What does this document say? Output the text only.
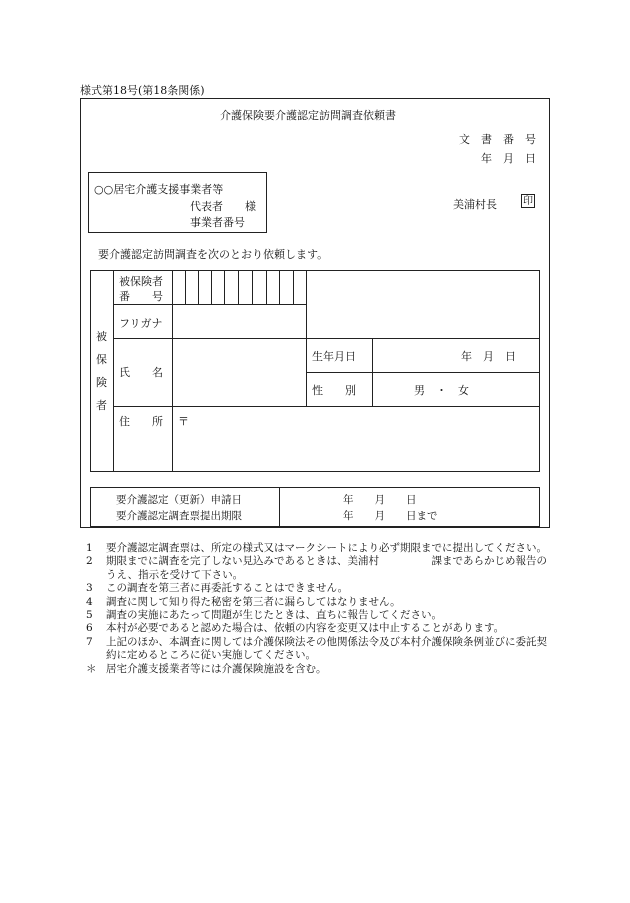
様式第18号(第18条関係)
介護保険要介護認定訪問調査依頼書
文　書　番　号
年　月　日
○○居宅介護支援事業者等
代表者　　様
事業者番号
美浦村長	印
要介護認定訪問調査を次のとおり依頼します。
被
保
険
者
被保険者
番　　号
フリガナ
氏　　名
生年月日	年　月　日
性　　別	男　・　女
住　　所 〒
要介護認定（更新）申請日	年　　月　　日
要介護認定調査票提出期限	年　　月　　日まで
1	要介護認定調査票は、所定の様式又はマークシートにより必ず期限までに提出してください。
2	期限までに調査を完了しない見込みであるときは、美浦村　　　　　課まであらかじめ報告のうえ、指示を受けて下さい。
3	この調査を第三者に再委託することはできません。
4	調査に関して知り得た秘密を第三者に漏らしてはなりません。
5	調査の実施にあたって問題が生じたときは、直ちに報告してください。
6	本村が必要であると認めた場合は、依頼の内容を変更又は中止することがあります。
7	上記のほか、本調査に関しては介護保険法その他関係法令及び本村介護保険条例並びに委託契約に定めるところに従い実施してください。
＊ 居宅介護支援業者等には介護保険施設を含む。
